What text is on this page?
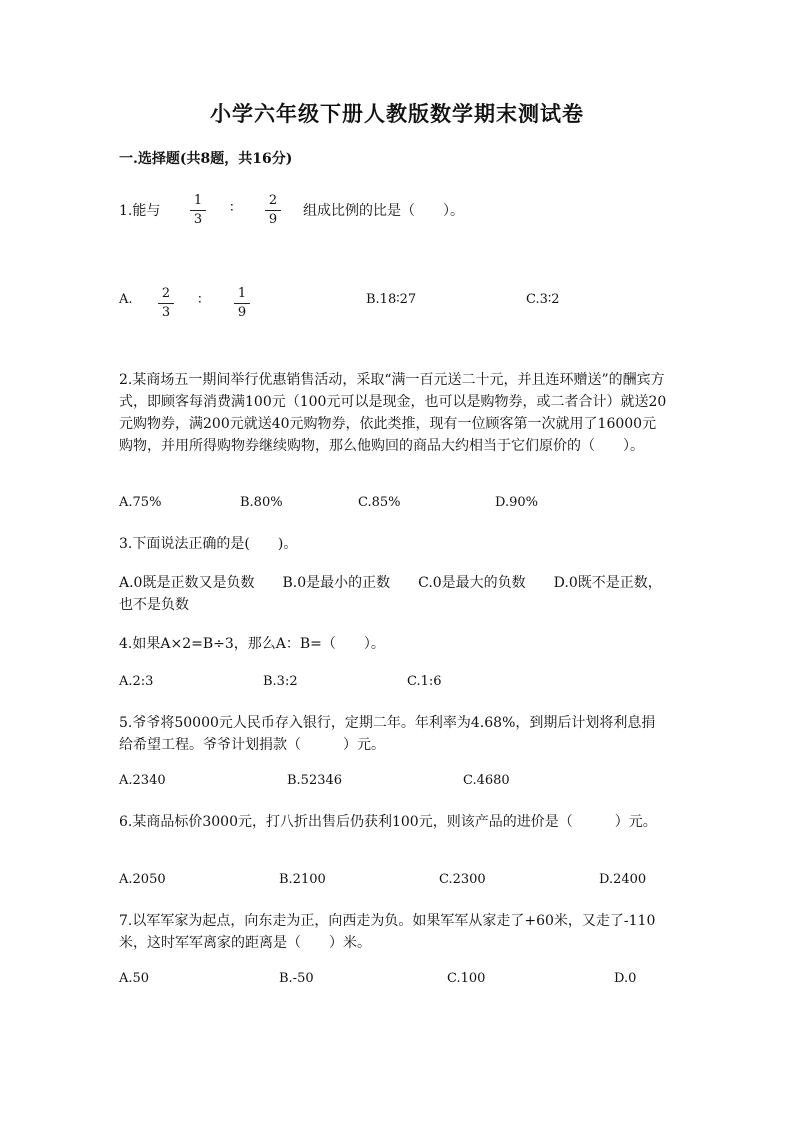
小学六年级下册人教版数学期末测试卷
一.选择题(共8题，共16分)
1.能与
1
3
∶	2
9
组成比例的比是（　　）。
A. 2
3
∶	1
9
B.18∶27	C.3∶2
2.某商场五一期间举行优惠销售活动，采取“满一百元送二十元，并且连环赠送”的酬宾方式，即顾客每消费满100元（100元可以是现金，也可以是购物券，或二者合计）就送20元购物券，满200元就送40元购物券，依此类推，现有一位顾客第一次就用了16000元购物，并用所得购物券继续购物，那么他购回的商品大约相当于它们原价的（　　）。
A.75%	B.80%	C.85%	D.90%
3.下面说法正确的是(　　)。
A.0既是正数又是负数　　B.0是最小的正数　　C.0是最大的负数　　D.0既不是正数，也不是负数
4.如果A×2=B÷3，那么A：B=（　　）。
A.2:3	B.3:2	C.1:6
5.爷爷将50000元人民币存入银行，定期二年。年利率为4.68%，到期后计划将利息捐给希望工程。爷爷计划捐款（　　　）元。
A.2340	B.52346	C.4680
6.某商品标价3000元，打八折出售后仍获利100元，则该产品的进价是（　　　）元。
A.2050	B.2100	C.2300	D.2400
7.以军军家为起点，向东走为正，向西走为负。如果军军从家走了+60米，又走了-110米，这时军军离家的距离是（　　）米。
A.50	B.-50	C.100	D.0
